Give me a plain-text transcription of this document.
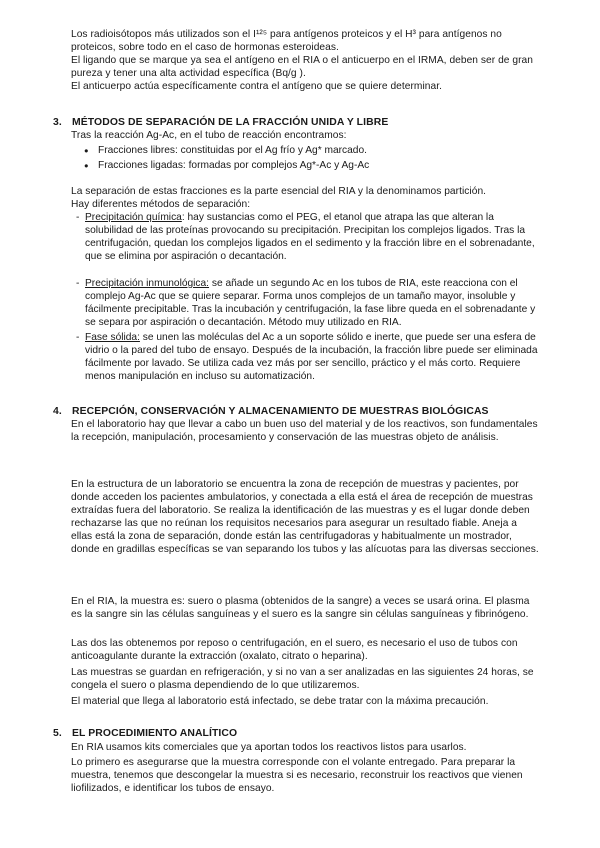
Los radioisótopos más utilizados son el I¹²⁵ para antígenos proteicos y el H³ para antígenos no proteicos, sobre todo en el caso de hormonas esteroideas.

El ligando que se marque ya sea el antígeno en el RIA o el anticuerpo en el IRMA, deben ser de gran pureza y tener una alta actividad específica (Bq/g ).

El anticuerpo actúa específicamente contra el antígeno que se quiere determinar.

3. MÉTODOS DE SEPARACIÓN DE LA FRACCIÓN UNIDA Y LIBRE

Tras la reacción Ag-Ac, en el tubo de reacción encontramos:

● Fracciones libres: constituidas por el Ag frío y Ag* marcado.
● Fracciones ligadas: formadas por complejos Ag*-Ac y Ag-Ac

La separación de estas fracciones es la parte esencial del RIA y la denominamos partición.

Hay diferentes métodos de separación:

- Precipitación química: hay sustancias como el PEG, el etanol que atrapa las que alteran la solubilidad de las proteínas provocando su precipitación. Precipitan los complejos ligados. Tras la centrifugación, quedan los complejos ligados en el sedimento y la fracción libre en el sobrenadante, que se elimina por aspiración o decantación.
- Precipitación inmunológica: se añade un segundo Ac en los tubos de RIA, este reacciona con el complejo Ag-Ac que se quiere separar. Forma unos complejos de un tamaño mayor, insoluble y fácilmente precipitable. Tras la incubación y centrifugación, la fase libre queda en el sobrenadante y se separa por aspiración o decantación. Método muy utilizado en RIA.
- Fase sólida: se unen las moléculas del Ac a un soporte sólido e inerte, que puede ser una esfera de vidrio o la pared del tubo de ensayo. Después de la incubación, la fracción libre puede ser eliminada fácilmente por lavado. Se utiliza cada vez más por ser sencillo, práctico y el más corto. Requiere menos manipulación en incluso su automatización.
4. RECEPCIÓN, CONSERVACIÓN Y ALMACENAMIENTO DE MUESTRAS BIOLÓGICAS

En el laboratorio hay que llevar a cabo un buen uso del material y de los reactivos, son fundamentales la recepción, manipulación, procesamiento y conservación de las muestras objeto de análisis.

En la estructura de un laboratorio se encuentra la zona de recepción de muestras y pacientes, por donde acceden los pacientes ambulatorios, y conectada a ella está el área de recepción de muestras extraídas fuera del laboratorio. Se realiza la identificación de las muestras y es el lugar donde deben rechazarse las que no reúnan los requisitos necesarios para asegurar un resultado fiable. Aneja a ellas está la zona de separación, donde están las centrifugadoras y habitualmente un mostrador, donde en gradillas específicas se van separando los tubos y las alícuotas para las diversas secciones.

En el RIA, la muestra es: suero o plasma (obtenidos de la sangre) a veces se usará orina. El plasma es la sangre sin las células sanguíneas y el suero es la sangre sin células sanguíneas y fibrinógeno.

Las dos las obtenemos por reposo o centrifugación, en el suero, es necesario el uso de tubos con anticoagulante durante la extracción (oxalato, citrato o heparina).

Las muestras se guardan en refrigeración, y si no van a ser analizadas en las siguientes 24 horas, se congela el suero o plasma dependiendo de lo que utilizaremos.

El material que llega al laboratorio está infectado, se debe tratar con la máxima precaución.

5. EL PROCEDIMIENTO ANALÍTICO

En RIA usamos kits comerciales que ya aportan todos los reactivos listos para usarlos.

Lo primero es asegurarse que la muestra corresponde con el volante entregado. Para preparar la muestra, tenemos que descongelar la muestra si es necesario, reconstruir los reactivos que vienen liofilizados, e identificar los tubos de ensayo.
